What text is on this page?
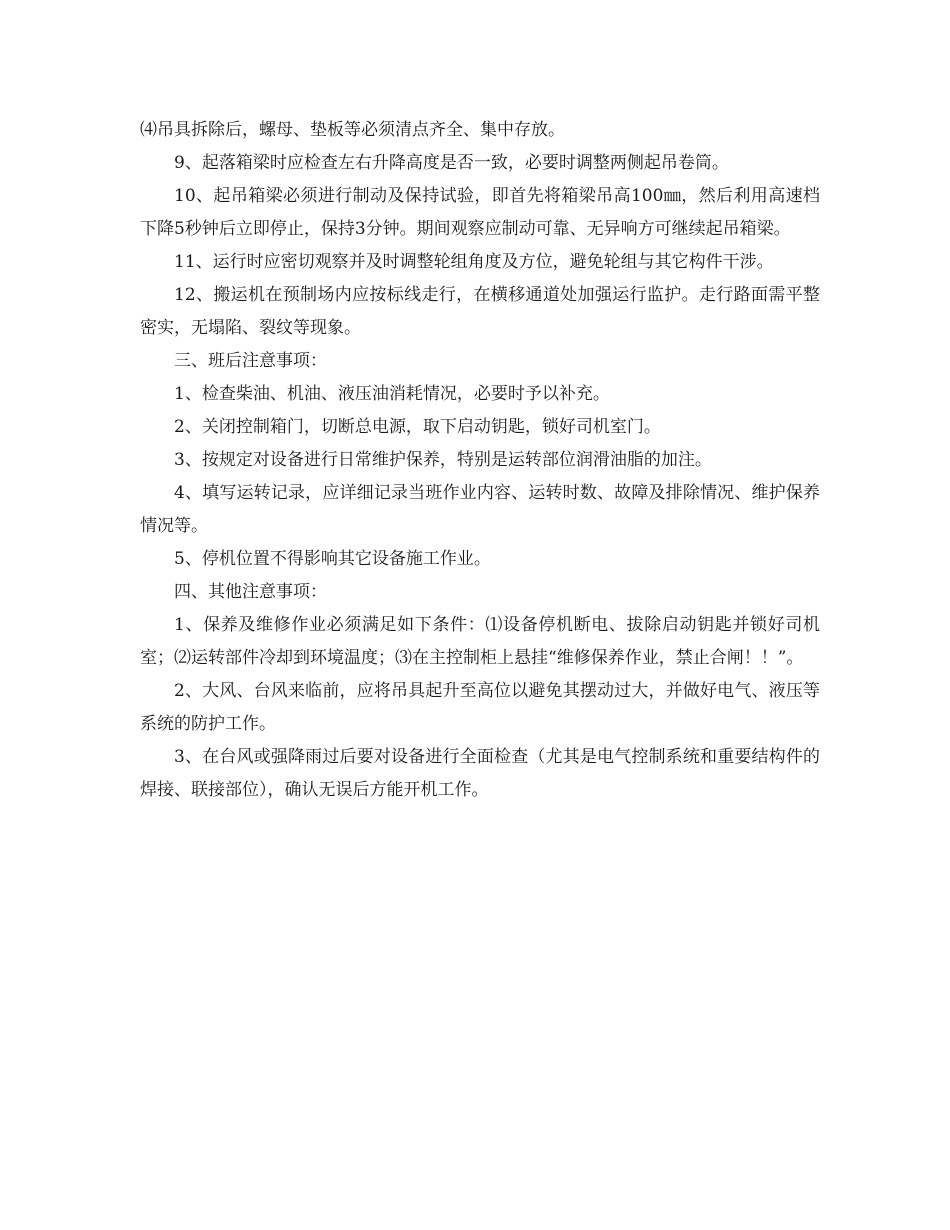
⑷吊具拆除后，螺母、垫板等必须清点齐全、集中存放。

9、起落箱梁时应检查左右升降高度是否一致，必要时调整两侧起吊卷筒。

10、起吊箱梁必须进行制动及保持试验，即首先将箱梁吊高100㎜，然后利用高速档下降5秒钟后立即停止，保持3分钟。期间观察应制动可靠、无异响方可继续起吊箱梁。

11、运行时应密切观察并及时调整轮组角度及方位，避免轮组与其它构件干涉。

12、搬运机在预制场内应按标线走行，在横移通道处加强运行监护。走行路面需平整密实，无塌陷、裂纹等现象。

三、班后注意事项：

1、检查柴油、机油、液压油消耗情况，必要时予以补充。

2、关闭控制箱门，切断总电源，取下启动钥匙，锁好司机室门。

3、按规定对设备进行日常维护保养，特别是运转部位润滑油脂的加注。

4、填写运转记录，应详细记录当班作业内容、运转时数、故障及排除情况、维护保养情况等。

5、停机位置不得影响其它设备施工作业。

四、其他注意事项：

1、保养及维修作业必须满足如下条件：⑴设备停机断电、拔除启动钥匙并锁好司机室；⑵运转部件冷却到环境温度；⑶在主控制柜上悬挂“维修保养作业，禁止合闸！！”。

2、大风、台风来临前，应将吊具起升至高位以避免其摆动过大，并做好电气、液压等系统的防护工作。

3、在台风或强降雨过后要对设备进行全面检查（尤其是电气控制系统和重要结构件的焊接、联接部位），确认无误后方能开机工作。
